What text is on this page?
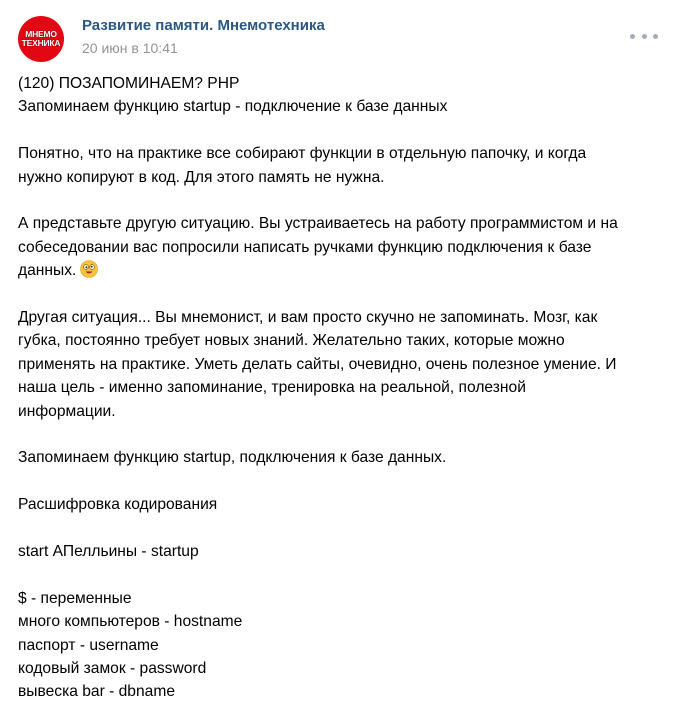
МНЕМО
ТЕХНИКА
Развитие памяти. Мнемотехника
20 июн в 10:41

(120) ПОЗАПОМИНАЕМ? PHP

Запоминаем функцию startup - подключение к базе данных

Понятно, что на практике все собирают функции в отдельную папочку, и когда

нужно копируют в код. Для этого память не нужна.

А представьте другую ситуацию. Вы устраиваетесь на работу программистом и на

собеседовании вас попросили написать ручками функцию подключения к базе

данных.

Другая ситуация... Вы мнемонист, и вам просто скучно не запоминать. Мозг, как

губка, постоянно требует новых знаний. Желательно таких, которые можно

применять на практике. Уметь делать сайты, очевидно, очень полезное умение. И

наша цель - именно запоминание, тренировка на реальной, полезной

информации.

Запоминаем функцию startup, подключения к базе данных.

Расшифровка кодирования

start АПелльины - startup

$ - переменные

много компьютеров - hostname

паспорт - username

кодовый замок - password

вывеска bar - dbname
